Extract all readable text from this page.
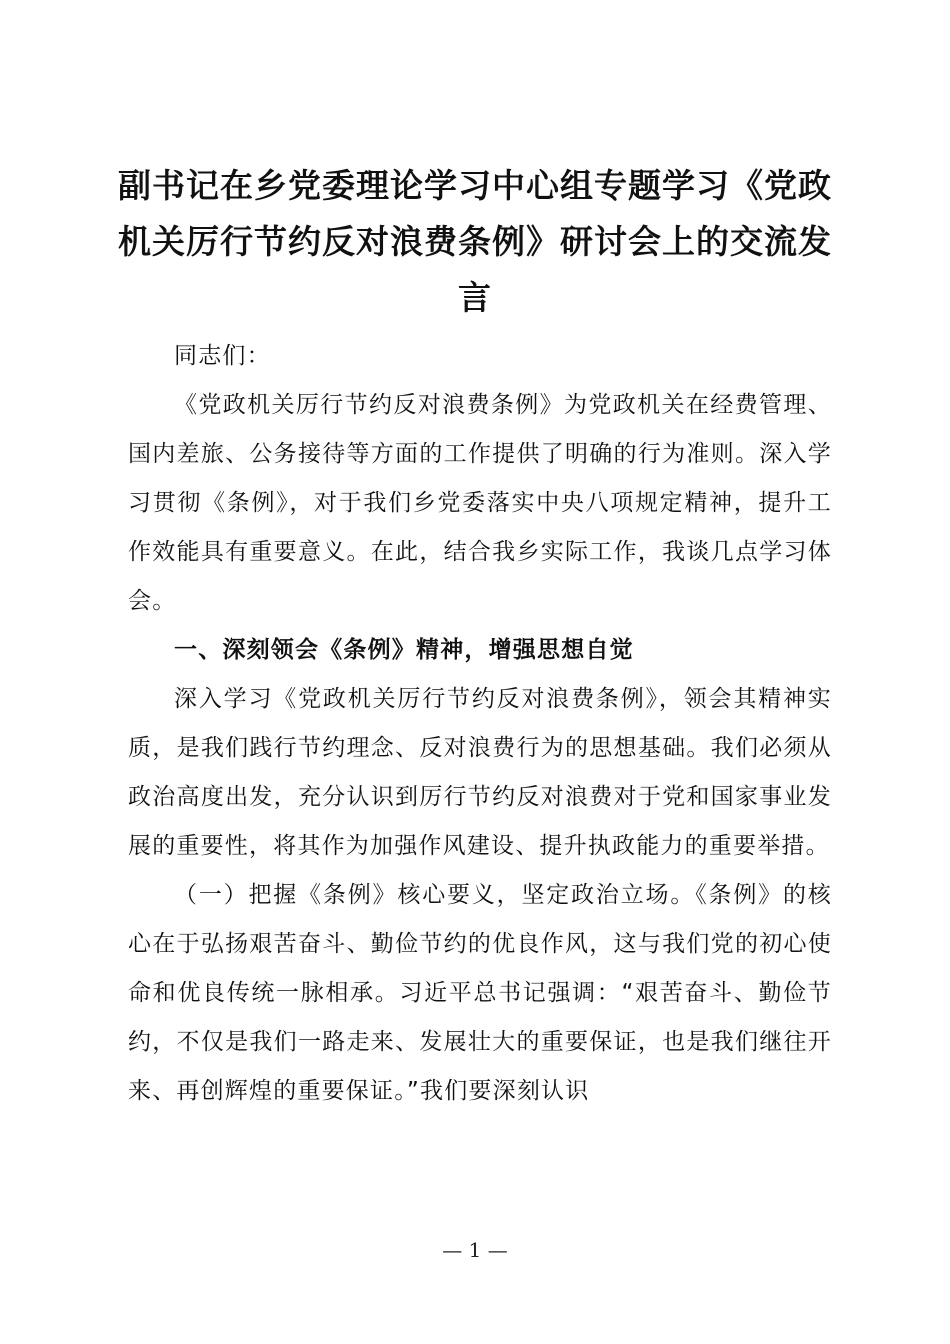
副书记在乡党委理论学习中心组专题学习《党政机关厉行节约反对浪费条例》研讨会上的交流发言

同志们：

《党政机关厉行节约反对浪费条例》为党政机关在经费管理、国内差旅、公务接待等方面的工作提供了明确的行为准则。深入学习贯彻《条例》，对于我们乡党委落实中央八项规定精神，提升工作效能具有重要意义。在此，结合我乡实际工作，我谈几点学习体会。

一、深刻领会《条例》精神，增强思想自觉

深入学习《党政机关厉行节约反对浪费条例》，领会其精神实质，是我们践行节约理念、反对浪费行为的思想基础。我们必须从政治高度出发，充分认识到厉行节约反对浪费对于党和国家事业发展的重要性，将其作为加强作风建设、提升执政能力的重要举措。

（一）把握《条例》核心要义，坚定政治立场。《条例》的核心在于弘扬艰苦奋斗、勤俭节约的优良作风，这与我们党的初心使命和优良传统一脉相承。习近平总书记强调：“艰苦奋斗、勤俭节约，不仅是我们一路走来、发展壮大的重要保证，也是我们继往开来、再创辉煌的重要保证。”我们要深刻认识

— 1 —
